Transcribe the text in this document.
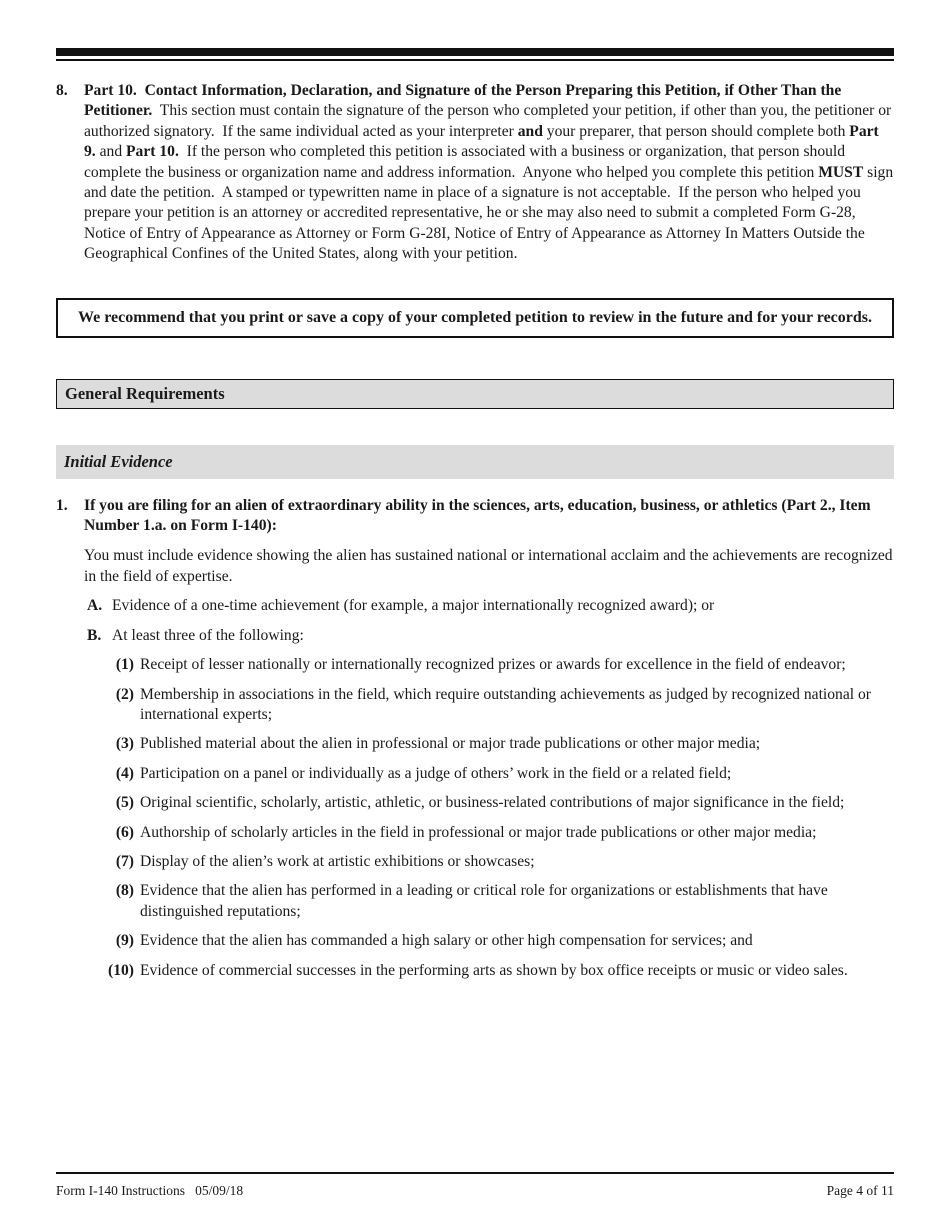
8.	Part 10.  Contact Information, Declaration, and Signature of the Person Preparing this Petition, if Other Than the Petitioner.  This section must contain the signature of the person who completed your petition, if other than you, the petitioner or authorized signatory.  If the same individual acted as your interpreter and your preparer, that person should complete both Part 9. and Part 10.  If the person who completed this petition is associated with a business or organization, that person should complete the business or organization name and address information.  Anyone who helped you complete this petition MUST sign and date the petition.  A stamped or typewritten name in place of a signature is not acceptable.  If the person who helped you prepare your petition is an attorney or accredited representative, he or she may also need to submit a completed Form G-28, Notice of Entry of Appearance as Attorney or Form G-28I, Notice of Entry of Appearance as Attorney In Matters Outside the Geographical Confines of the United States, along with your petition.
We recommend that you print or save a copy of your completed petition to review in the future and for your records.
General Requirements
Initial Evidence
1.	If you are filing for an alien of extraordinary ability in the sciences, arts, education, business, or athletics (Part 2., Item Number 1.a. on Form I-140):
You must include evidence showing the alien has sustained national or international acclaim and the achievements are recognized in the field of expertise.
A. Evidence of a one-time achievement (for example, a major internationally recognized award); or
B. At least three of the following:
(1) Receipt of lesser nationally or internationally recognized prizes or awards for excellence in the field of endeavor;
(2) Membership in associations in the field, which require outstanding achievements as judged by recognized national or international experts;
(3) Published material about the alien in professional or major trade publications or other major media;
(4) Participation on a panel or individually as a judge of others’ work in the field or a related field;
(5) Original scientific, scholarly, artistic, athletic, or business-related contributions of major significance in the field;
(6) Authorship of scholarly articles in the field in professional or major trade publications or other major media;
(7) Display of the alien’s work at artistic exhibitions or showcases;
(8) Evidence that the alien has performed in a leading or critical role for organizations or establishments that have distinguished reputations;
(9) Evidence that the alien has commanded a high salary or other high compensation for services; and
(10) Evidence of commercial successes in the performing arts as shown by box office receipts or music or video sales.
Form I-140 Instructions   05/09/18	Page 4 of 11
